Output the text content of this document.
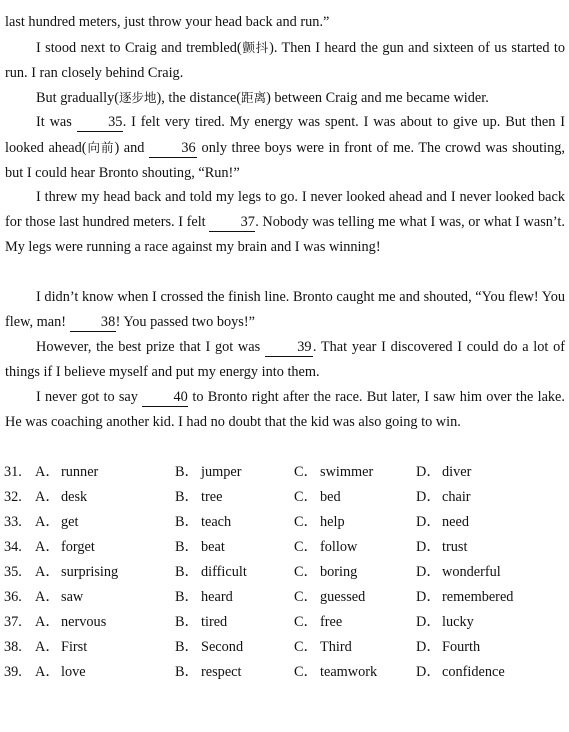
last hundred meters, just throw your head back and run.”

I stood next to Craig and trembled(颤抖). Then I heard the gun and sixteen of us started to run. I ran closely behind Craig.

But gradually(逐步地), the distance(距离) between Craig and me became wider.

It was 35. I felt very tired. My energy was spent. I was about to give up. But then I looked ahead(向前) and 36 only three boys were in front of me. The crowd was shouting, but I could hear Bronto shouting, “Run!”

I threw my head back and told my legs to go. I never looked ahead and I never looked back for those last hundred meters. I felt 37. Nobody was telling me what I was, or what I wasn’t. My legs were running a race against my brain and I was winning!

I didn’t know when I crossed the finish line. Bronto caught me and shouted, “You flew! You flew, man! 38! You passed two boys!”

However, the best prize that I got was 39. That year I discovered I could do a lot of things if I believe myself and put my energy into them.

I never got to say 40 to Bronto right after the race. But later, I saw him over the lake. He was coaching another kid. I had no doubt that the kid was also going to win.

31. A．runner	B． jumper	C． swimmer	D．diver
32. A．desk	B． tree	C． bed	D．chair
33. A．get	B． teach	C． help	D．need
34. A．forget	B． beat	C． follow	D．trust
35. A．surprising	B． difficult	C． boring	D．wonderful
36. A．saw	B． heard	C． guessed	D．remembered
37. A．nervous	B． tired	C． free	D．lucky
38. A．First	B． Second	C． Third	D．Fourth
39. A．love	B． respect	C． teamwork	D．confidence
